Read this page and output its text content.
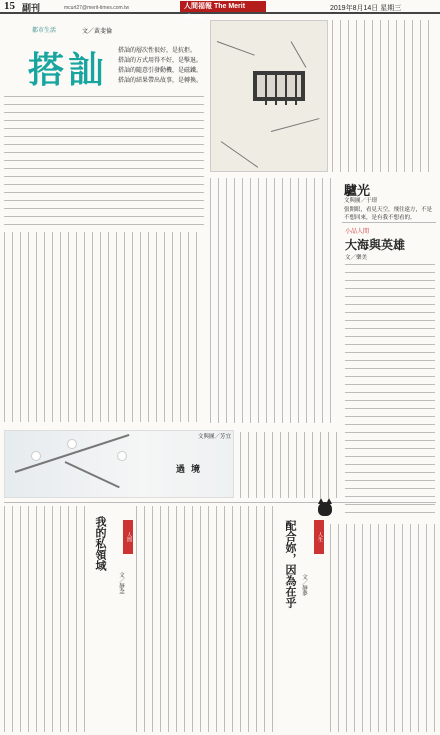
15 副刊	mcurt27@merit-times.com.tw	人間福報 The Merit Times
2019年8月14日 星期三
都市生活	文／黃斐倫
搭訕 搭訕的層次性很好，是抗拒。
搭訕的方式用得不好，是擊退。
搭訕的隨意引發動機，是磁鐵。
搭訕的結果帶出故事，是轉換。
驢光
文與圖／于璟
張開眼，看見天空，飛往遠方，不是不想回來，是有我不想看的。
小品人間
大海與英雄
文／樂美
文與圖／芳宜
過境
我的私領域	人間
文／靜念	配合妳，因為在乎	人生
文／靜夢
